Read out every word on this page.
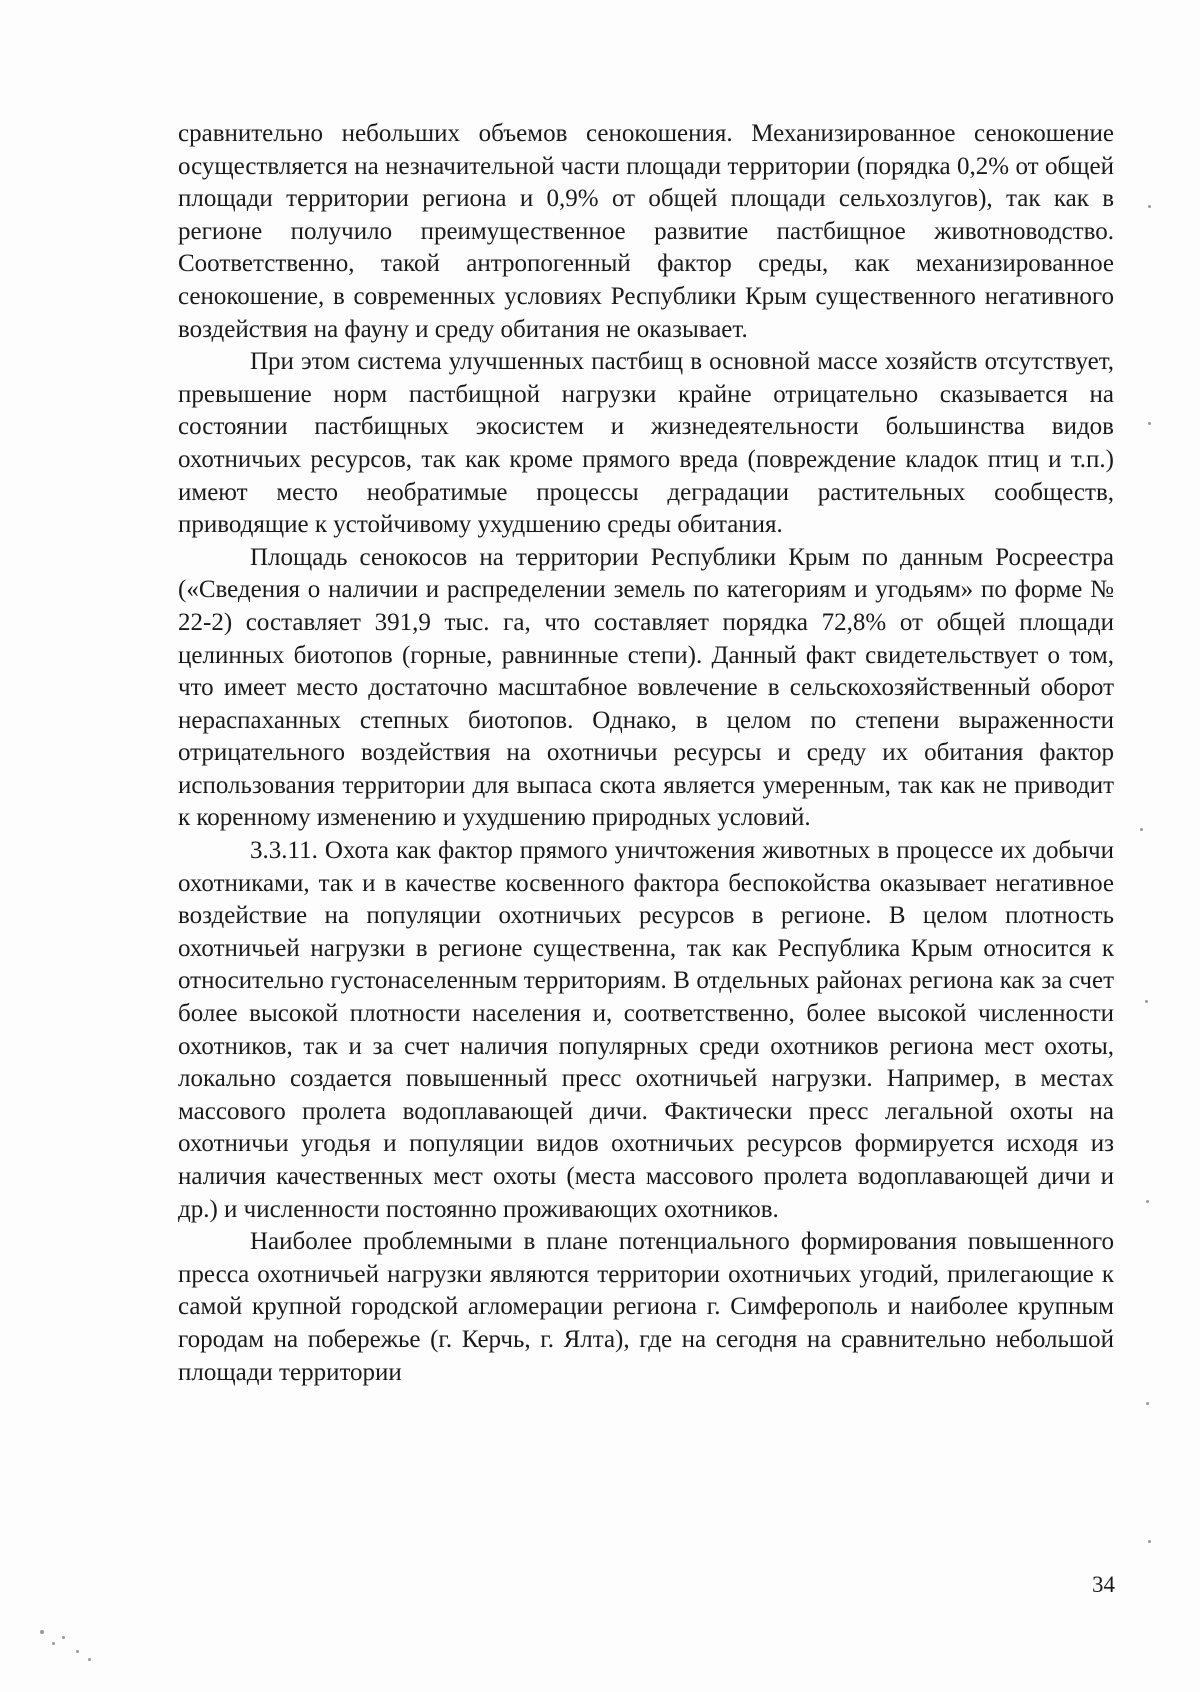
сравнительно небольших объемов сенокошения. Механизированное сенокошение осуществляется на незначительной части площади территории (порядка 0,2% от общей площади территории региона и 0,9% от общей площади сельхозлугов), так как в регионе получило преимущественное развитие пастбищное животноводство. Соответственно, такой антропогенный фактор среды, как механизированное сенокошение, в современных условиях Республики Крым существенного негативного воздействия на фауну и среду обитания не оказывает.

При этом система улучшенных пастбищ в основной массе хозяйств отсутствует, превышение норм пастбищной нагрузки крайне отрицательно сказывается на состоянии пастбищных экосистем и жизнедеятельности большинства видов охотничьих ресурсов, так как кроме прямого вреда (повреждение кладок птиц и т.п.) имеют место необратимые процессы деградации растительных сообществ, приводящие к устойчивому ухудшению среды обитания.

Площадь сенокосов на территории Республики Крым по данным Росреестра («Сведения о наличии и распределении земель по категориям и угодьям» по форме № 22-2) составляет 391,9 тыс. га, что составляет порядка 72,8% от общей площади целинных биотопов (горные, равнинные степи). Данный факт свидетельствует о том, что имеет место достаточно масштабное вовлечение в сельскохозяйственный оборот нераспаханных степных биотопов. Однако, в целом по степени выраженности отрицательного воздействия на охотничьи ресурсы и среду их обитания фактор использования территории для выпаса скота является умеренным, так как не приводит к коренному изменению и ухудшению природных условий.

3.3.11. Охота как фактор прямого уничтожения животных в процессе их добычи охотниками, так и в качестве косвенного фактора беспокойства оказывает негативное воздействие на популяции охотничьих ресурсов в регионе. В целом плотность охотничьей нагрузки в регионе существенна, так как Республика Крым относится к относительно густонаселенным территориям. В отдельных районах региона как за счет более высокой плотности населения и, соответственно, более высокой численности охотников, так и за счет наличия популярных среди охотников региона мест охоты, локально создается повышенный пресс охотничьей нагрузки. Например, в местах массового пролета водоплавающей дичи. Фактически пресс легальной охоты на охотничьи угодья и популяции видов охотничьих ресурсов формируется исходя из наличия качественных мест охоты (места массового пролета водоплавающей дичи и др.) и численности постоянно проживающих охотников.

Наиболее проблемными в плане потенциального формирования повышенного пресса охотничьей нагрузки являются территории охотничьих угодий, прилегающие к самой крупной городской агломерации региона г. Симферополь и наиболее крупным городам на побережье (г. Керчь, г. Ялта), где на сегодня на сравнительно небольшой площади территории

34
